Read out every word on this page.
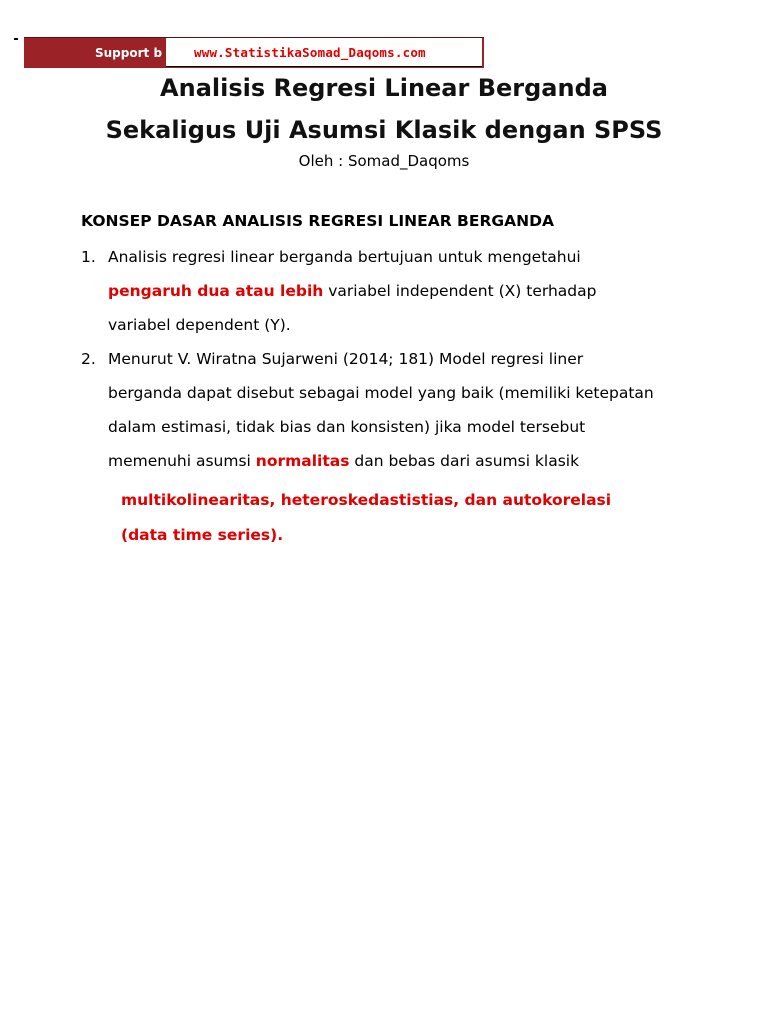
Support b	www.StatistikaSomad_Daqoms.com
Analisis Regresi Linear Berganda
Sekaligus Uji Asumsi Klasik dengan SPSS
Oleh : Somad_Daqoms
KONSEP DASAR ANALISIS REGRESI LINEAR BERGANDA
1. Analisis regresi linear berganda bertujuan untuk mengetahui
pengaruh dua atau lebih variabel independent (X) terhadap
variabel dependent (Y).
2. Menurut V. Wiratna Sujarweni (2014; 181) Model regresi liner
berganda dapat disebut sebagai model yang baik (memiliki ketepatan
dalam estimasi, tidak bias dan konsisten) jika model tersebut
memenuhi asumsi normalitas dan bebas dari asumsi klasik
multikolinearitas, heteroskedastistias, dan autokorelasi
(data time series).
